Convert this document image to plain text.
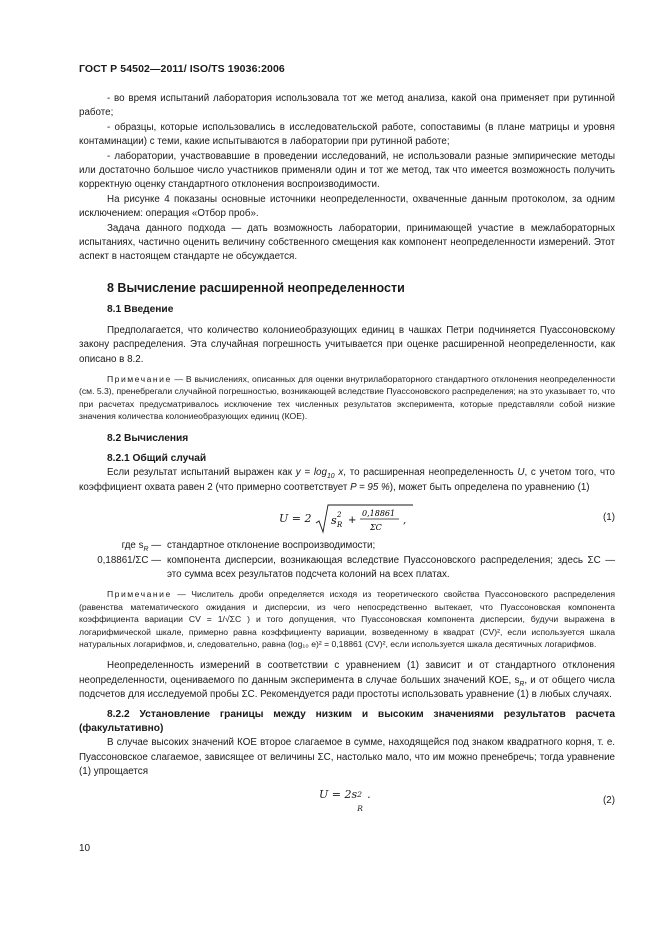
ГОСТ Р 54502—2011/ ISO/TS 19036:2006

- во время испытаний лаборатория использовала тот же метод анализа, какой она применяет при рутинной работе;

- образцы, которые использовались в исследовательской работе, сопоставимы (в плане матрицы и уровня контаминации) с теми, какие испытываются в лаборатории при рутинной работе;

- лаборатории, участвовавшие в проведении исследований, не использовали разные эмпирические методы или достаточно большое число участников применяли один и тот же метод, так что имеется возможность получить корректную оценку стандартного отклонения воспроизводимости.

На рисунке 4 показаны основные источники неопределенности, охваченные данным протоколом, за одним исключением: операция «Отбор проб».

Задача данного подхода — дать возможность лаборатории, принимающей участие в межлабораторных испытаниях, частично оценить величину собственного смещения как компонент неопределенности измерений. Этот аспект в настоящем стандарте не обсуждается.

8 Вычисление расширенной неопределенности
8.1 Введение

Предполагается, что количество колониеобразующих единиц в чашках Петри подчиняется Пуассоновскому закону распределения. Эта случайная погрешность учитывается при оценке расширенной неопределенности, как описано в 8.2.

Примечание — В вычислениях, описанных для оценки внутрилабораторного стандартного отклонения неопределенности (см. 5.3), пренебрегали случайной погрешностью, возникающей вследствие Пуассоновского распределения; на это указывает то, что при расчетах предусматривалось исключение тех численных результатов эксперимента, которые представляли собой низкие значения количества колониеобразующих единиц (КОЕ).

8.2 Вычисления
8.2.1 Общий случай

Если результат испытаний выражен как $y = \log_{10} x$, то расширенная неопределенность U, с учетом того, что коэффициент охвата равен 2 (что примерно соответствует P = 95 %), может быть определена по уравнению (1)

U = 2 s R
2 +
0,18861
ΣC
,	(1)
где $s_R$ — стандартное отклонение воспроизводимости;
0,18861/ΣC — компонента дисперсии, возникающая вследствие Пуассоновского распределения; здесь ΣC — это сумма всех результатов подсчета колоний на всех платах.

Примечание — Числитель дроби определяется исходя из теоретического свойства Пуассоновского распределения (равенства математического ожидания и дисперсии, из чего непосредственно вытекает, что Пуассоновская компонента коэффициента вариации CV = 1/√ΣC ) и того допущения, что Пуассоновская компонента дисперсии, будучи выражена в логарифмической шкале, примерно равна коэффициенту вариации, возведенному в квадрат (CV)², если используется шкала натуральных логарифмов, и, следовательно, равна (log₁₀ e)² = 0,18861 (CV)², если используется шкала десятичных логарифмов.

Неопределенность измерений в соответствии с уравнением (1) зависит и от стандартного отклонения неопределенности, оцениваемого по данным эксперимента в случае больших значений КОЕ, $s_R$, и от общего числа подсчетов для исследуемой пробы ΣC. Рекомендуется ради простоты использовать уравнение (1) в любых случаях.

8.2.2 Установление границы между низким и высоким значениями результатов расчета (факультативно)

В случае высоких значений КОЕ второе слагаемое в сумме, находящейся под знаком квадратного корня, т. е. Пуассоновское слагаемое, зависящее от величины ΣC, настолько мало, что им можно пренебречь; тогда уравнение (1) упрощается

U = 2s 2
R
.	(2)
10
